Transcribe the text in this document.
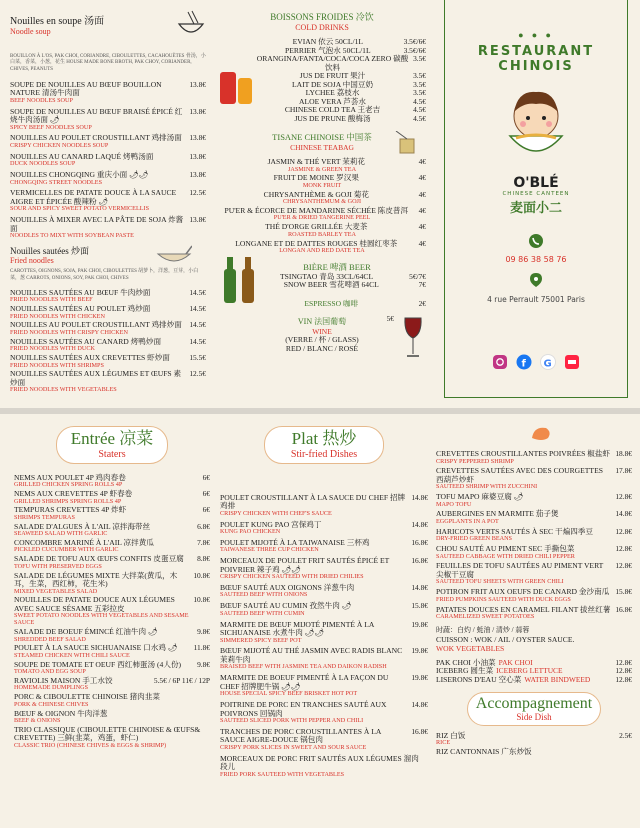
Nouilles en soupe 汤面
Noodle soup
BOUILLON À L'OS, PAK CHOI, CORIANDRE, CIBOULETTES, CACAHOUÈTES 骨汤，小白菜，香菜，小葱，花生 HOUSE MADE BONE BROTH, PAK CHOY, CORIANDER, CHIVES, PEANUTS
SOUPE DE NOUILLES AU BŒUF BOUILLON NATURE 清汤牛肉面
13.8€
BEEF NOODLES SOUP
SOUPE DE NOUILLES AU BŒUF BRAISÉ ÉPICÉ 红烧牛肉汤面 🌶
13.8€
SPICY BEEF NOODLES SOUP
NOUILLES AU POULET CROUSTILLANT 鸡排汤面	13.8€
CRISPY CHICKEN NOODLES SOUP
NOUILLES AU CANARD LAQUÉ 烤鸭汤面	13.8€
DUCK NOODLES SOUP
NOUILLES CHONGQING 重庆小面 🌶🌶	13.8€
CHONGQING STREET NOODLES
VERMICELLES DE PATATE DOUCE À LA SAUCE AIGRE ET ÉPICÉE 酸辣粉 🌶
12.5€
SOUR AND SPICY SWEET POTATO VERMICELLIS
NOUILLES À MIXER AVEC LA PÂTE DE SOJA 炸酱面
13.8€
NOODLES TO MIXT WITH SOYBEAN PASTE
Nouilles sautées 炒面
Fried noodles
CAROTTES, OIGNONS, SOJA, PAK CHOI, CIBOULETTES 胡萝卜，洋葱，豆芽，小白菜，葱 CARROTS, ONIONS, SOY, PAK CHOI, CHIVES
NOUILLES SAUTÉES AU BŒUF 牛肉炒面	14.5€
FRIED NOODLES WITH BEEF
NOUILLES SAUTÉES AU POULET 鸡炒面	14.5€
FRIED NOODLES WITH CHICKEN
NOUILLES AU POULET CROUSTILLANT 鸡排炒面	14.5€
FRIED NOODLES WITH CRISPY CHICKEN
NOUILLES SAUTÉES AU CANARD 烤鸭炒面	14.5€
FRIED NOODLES WITH DUCK
NOUILLES SAUTÉES AUX CREVETTES 虾炒面	15.5€
FRIED NOODLES WITH SHRIMPS
NOUILLES SAUTÉES AUX LÉGUMES ET ŒUFS 素炒面
12.5€
FRIED NOODLES WITH VEGETABLES
BOISSONS FROIDES 冷饮
COLD DRINKS
EVIAN 依云 50CL/1L	3.5€/6€
PERRIER 气泡水 50CL/1L	3.5€/6€
ORANGINA/FANTA/COCA/COCA ZERO 碳酸饮料
3.5€
JUS DE FRUIT 果汁	3.5€
LAIT DE SOJA 中国豆奶	3.5€
LYCHEE 荔枝水	3.5€
ALOE VERA 芦荟水	4.5€
CHINESE COLD TEA 王老吉	4.5€
JUS DE PRUNE 酸梅汤	4.5€
TISANE CHINOISE 中国茶
CHINESE TEABAG
JASMIN & THÉ VERT 茉莉花	4€
JASMINE & GREEN TEA
FRUIT DE MOINE 罗汉果	4€
MONK FRUIT
CHRYSANTHÈME & GOJI 菊花	4€
CHRYSANTHEMUM & GOJI
PU'ER & ÉCORCE DE MANDARINE SÉCHÉE 陈皮普洱	4€
PU'ER & DRIED TANGERINE PEEL
THÉ D'ORGE GRILLÉE 大麦茶	4€
ROASTED BARLEY TEA
LONGANE ET DE DATTES ROUGES 桂圆红枣茶	4€
LONGAN AND RED DATE TEA
BIÈRE 啤酒 BEER
TSINGTAO 青岛 33CL/64CL	5€/7€
SNOW BEER 雪花啤酒 64CL	7€
ESPRESSO 咖啡	2€
VIN 法国葡萄
WINE
(VERRE / 杯 / GLASS)
RED / BLANC / ROSÉ
5€
● ● ●
RESTAURANT
CHINOIS
O'BLÉ
CHINESE CANTEEN
麦面小二
09 86 38 58 76
4 rue Perrault 75001 Paris
f G
Entrée 凉菜
Staters
NEMS AUX POULET 4P 鸡肉春卷	6€
GRILLED CHICKEN SPRING ROLLS 4P
NEMS AUX CREVETTES 4P 虾春卷	6€
GRILLED SHRIMPS SPRING ROLLS 4P
TEMPURAS CREVETTES 4P 炸虾	6€
SHRIMPS TEMPURAS
SALADE D'ALGUES À L'AIL 凉拌海带丝	6.8€
SEAWEED SALAD WITH GARLIC
CONCOMBRE MARINÉ À L'AIL 凉拌黄瓜	7.8€
PICKLED CUCUMBER WITH GARLIC
SALADE DE TOFU AUX ŒUFS CONFITS 皮蛋豆腐	8.8€
TOFU WITH PRESERVED EGGS
SALADE DE LÉGUMES MIXTE 大拌菜(黄瓜，木耳，生菜，西红柿，花生米)
10.8€
MIXED VEGETABLES SALAD
NOUILLES DE PATATE DOUCE AUX LÉGUMES AVEC SAUCE SÉSAME 五彩拉皮
10.8€
SWEET POTATO NOODLES WITH VEGETABLES AND SESAME SAUCE
SALADE DE BOEUF ÉMINCÉ 红油牛肉 🌶	9.8€
SHREDDED BEEF SALAD
POULET À LA SAUCE SICHUANAISE 口水鸡 🌶	11.8€
STEAMED CHICKEN WITH CHILI SAUCE
SOUPE DE TOMATE ET OEUF 西红柿蛋汤 (4人份)	9.8€
TOMATO AND EGG SOUP
RAVIOLIS MAISON 手工水饺	5.5€ / 6P 11€ / 12P
HOMEMADE DUMPLINGS
PORC & CIBOULETTE CHINOISE 猪肉韭菜
PORK & CHINESE CHIVES
BŒUF & OIGNON 牛肉洋葱
BEEF & ONIONS
TRIO CLASSIQUE (CIBOULETTE CHINOISE & ŒUFS& CREVETTE) 三鲜(韭菜，鸡蛋，虾仁)
CLASSIC TRIO (CHINESE CHIVES & EGGS & SHRIMP)
Plat 热炒
Stir-fried Dishes
POULET CROUSTILLANT À LA SAUCE DU CHEF 招牌鸡排
14.8€
CRISPY CHICKEN WITH CHEF'S SAUCE
POULET KUNG PAO 宫保鸡丁	14.8€
KUNG PAO CHICKEN
POULET MIJOTÉ À LA TAIWANAISE 三杯鸡	16.8€
TAIWANESE THREE CUP CHICKEN
MORCEAUX DE POULET FRIT SAUTÉS ÉPICÉ ET POIVRIER 辣子鸡 🌶🌶
16.8€
CRISPY CHICKEN SAUTEED WITH DRIED CHILIES
BŒUF SAUTÉ AUX OIGNONS 洋葱牛肉	14.8€
SAUTEED BEEF WITH ONIONS
BŒUF SAUTÉ AU CUMIN 孜然牛肉 🌶	15.8€
SAUTEED BEEF WITH CUMIN
MARMITE DE BŒUF MIJOTÉ PIMENTÉ À LA SICHUANAISE 水煮牛肉 🌶🌶
19.8€
SIMMERED SPICY BEEF POT
BŒUF MIJOTÉ AU THÉ JASMIN AVEC RADIS BLANC 茉莉牛肉
19.8€
BRAISED BEEF WITH JASMINE TEA AND DAIKON RADISH
MARMITE DE BOEUF PIMENTÉ À LA FAÇON DU CHEF 招牌肥牛锅 🌶🌶
19.8€
HOUSE SPECIAL SPICY BEEF BRISKET HOT POT
POITRINE DE PORC EN TRANCHES SAUTÉ AUX POIVRONS 回锅肉
14.8€
SAUTEED SLICED PORK WITH PEPPER AND CHILI
TRANCHES DE PORC CROUSTILLANTES À LA SAUCE AIGRE-DOUCE 锅包肉
16.8€
CRISPY PORK SLICES IN SWEET AND SOUR SAUCE
MORCEAUX DE PORC FRIT SAUTÉS AUX LÉGUMES 溜肉段儿
FRIED PORK SAUTEED WITH VEGETABLES
CREVETTES CROUSTILLANTES POIVRÉES 椒盐虾 18.8€
CRISPY PEPPERED SHRIMP
CREVETTES SAUTÉES AVEC DES COURGETTES 西葫芦炒虾
17.8€
SAUTEED SHRIMP WITH ZUCCHINI
TOFU MAPO 麻婆豆腐 🌶	12.8€
MAPO TOFU
AUBERGINES EN MARMITE 茄子煲	14.8€
EGGPLANTS IN A POT
HARICOTS VERTS SAUTÉS À SEC 干煸四季豆	12.8€
DRY-FRIED GREEN BEANS
CHOU SAUTÉ AU PIMENT SEC 手撕包菜	12.8€
SAUTEED CABBAGE WITH DRIED CHILI PEPPER
FEUILLES DE TOFU SAUTÉES AU PIMENT VERT 尖椒干豆腐
12.8€
SAUTEED TOFU SHEETS WITH GREEN CHILI
POTIRON FRIT AUX OEUFS DE CANARD 金沙南瓜 15.8€
FRIED PUMPKINS SAUTEED WITH DUCK EGGS
PATATES DOUCES EN CARAMEL FILANT 拔丝红薯 16.8€
CARAMELIZED SWEET POTATOES
时蔬：白灼 / 蚝油 / 清炒 / 蒜蓉
CUISSON : WOK / AIL / OYSTER SAUCE.
WOK VEGETABLES
PAK CHOI 小油菜 PAK CHOI	12.8€
ICEBERG 圆生菜 ICEBERG LETTUCE	12.8€
LISERONS D'EAU 空心菜 WATER BINDWEED	12.8€
Accompagnement
Side Dish
RIZ 白饭	2.5€
RICE
RIZ CANTONNAIS 广东炒饭
